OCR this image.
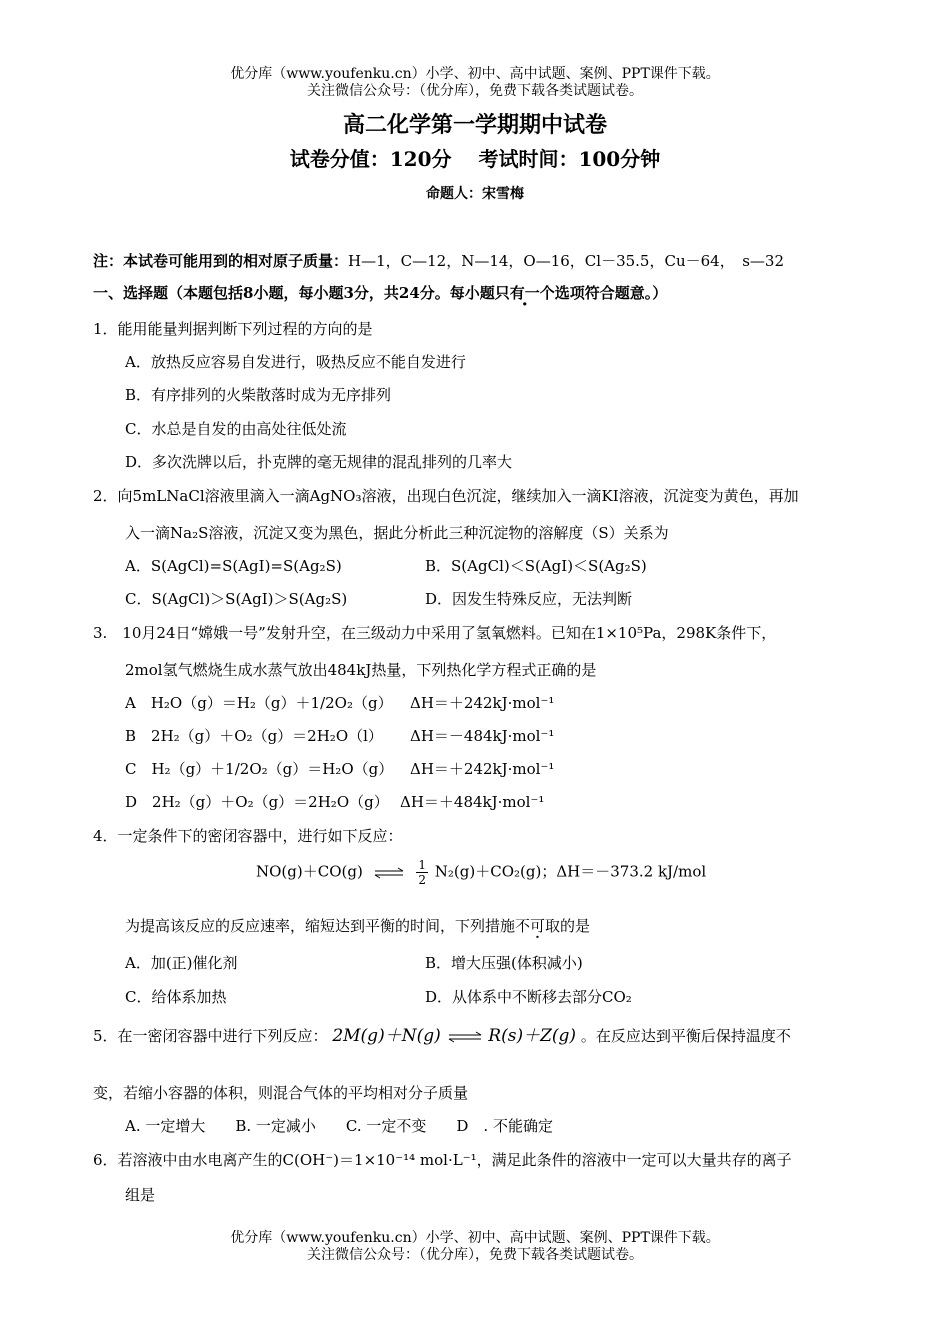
优分库（www.youfenku.cn）小学、初中、高中试题、案例、PPT课件下载。
关注微信公众号：（优分库），免费下载各类试题试卷。
高二化学第一学期期中试卷
试卷分值：120分　 考试时间：100分钟
命题人：宋雪梅
注：本试卷可能用到的相对原子质量：H—1，C—12，N—14，O—16，Cl－35.5，Cu－64，　s—32
一、选择题（本题包括8小题，每小题3分，共24分。每小题只有一个选项符合题意。）
1．能用能量判据判断下列过程的方向的是
A．放热反应容易自发进行，吸热反应不能自发进行
B．有序排列的火柴散落时成为无序排列
C．水总是自发的由高处往低处流
D．多次洗牌以后，扑克牌的毫无规律的混乱排列的几率大
2．向5mLNaCl溶液里滴入一滴AgNO₃溶液，出现白色沉淀，继续加入一滴KI溶液，沉淀变为黄色，再加
入一滴Na₂S溶液，沉淀又变为黑色，据此分析此三种沉淀物的溶解度（S）关系为
A．S(AgCl)=S(AgI)=S(Ag₂S)	B．S(AgCl)＜S(AgI)＜S(Ag₂S)
C．S(AgCl)＞S(AgI)＞S(Ag₂S)	D．因发生特殊反应，无法判断
3.　10月24日“嫦娥一号”发射升空，在三级动力中采用了氢氧燃料。已知在1×10⁵Pa，298K条件下，
2mol氢气燃烧生成水蒸气放出484kJ热量，下列热化学方程式正确的是
A　H₂O（g）＝H₂（g）＋1/2O₂（g） ΔH＝＋242kJ·mol⁻¹
B　2H₂（g）＋O₂（g）＝2H₂O（l） ΔH＝－484kJ·mol⁻¹
C　H₂（g）＋1/2O₂（g）＝H₂O（g） ΔH＝＋242kJ·mol⁻¹
D　2H₂（g）＋O₂（g）＝2H₂O（g） ΔH＝＋484kJ·mol⁻¹
4．一定条件下的密闭容器中，进行如下反应：
NO(g)＋CO(g) ⇌ $\frac{1}{2} N_2(g)+CO_2(g)$；ΔH＝－373.2 kJ/mol
为提高该反应的反应速率，缩短达到平衡的时间，下列措施不可取的是
A．加(正)催化剂	B．增大压强(体积减小)
C．给体系加热	D．从体系中不断移去部分CO₂
5．在一密闭容器中进行下列反应： 2M(g)＋N(g) ⇌ R(s)＋Z(g) 。在反应达到平衡后保持温度不
变，若缩小容器的体积，则混合气体的平均相对分子质量
A. 一定增大　　B. 一定减小　　C. 一定不变　　D　. 不能确定
6．若溶液中由水电离产生的C(OH⁻)＝1×10⁻¹⁴ mol·L⁻¹，满足此条件的溶液中一定可以大量共存的离子
组是
优分库（www.youfenku.cn）小学、初中、高中试题、案例、PPT课件下载。
关注微信公众号：（优分库），免费下载各类试题试卷。
